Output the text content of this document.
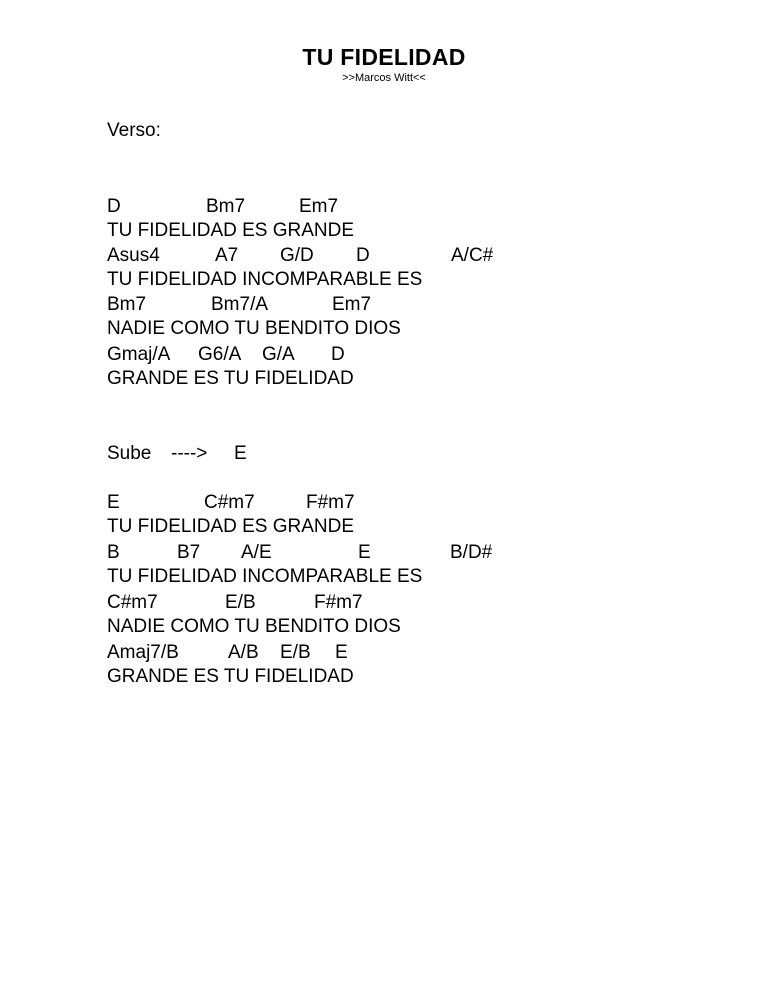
TU FIDELIDAD
>>Marcos Witt<<
Verso:
D	Bm7	Em7
TU FIDELIDAD ES GRANDE
Asus4	A7 G/D D	A/C#
TU FIDELIDAD INCOMPARABLE ES
Bm7	Bm7/A	Em7
NADIE COMO TU BENDITO DIOS
Gmaj/A G6/A G/A D
GRANDE ES TU FIDELIDAD
Sube ----> E
E	C#m7	F#m7
TU FIDELIDAD ES GRANDE
B	B7 A/E	E	B/D#
TU FIDELIDAD INCOMPARABLE ES
C#m7	E/B	F#m7
NADIE COMO TU BENDITO DIOS
Amaj7/B	A/B E/B E
GRANDE ES TU FIDELIDAD
